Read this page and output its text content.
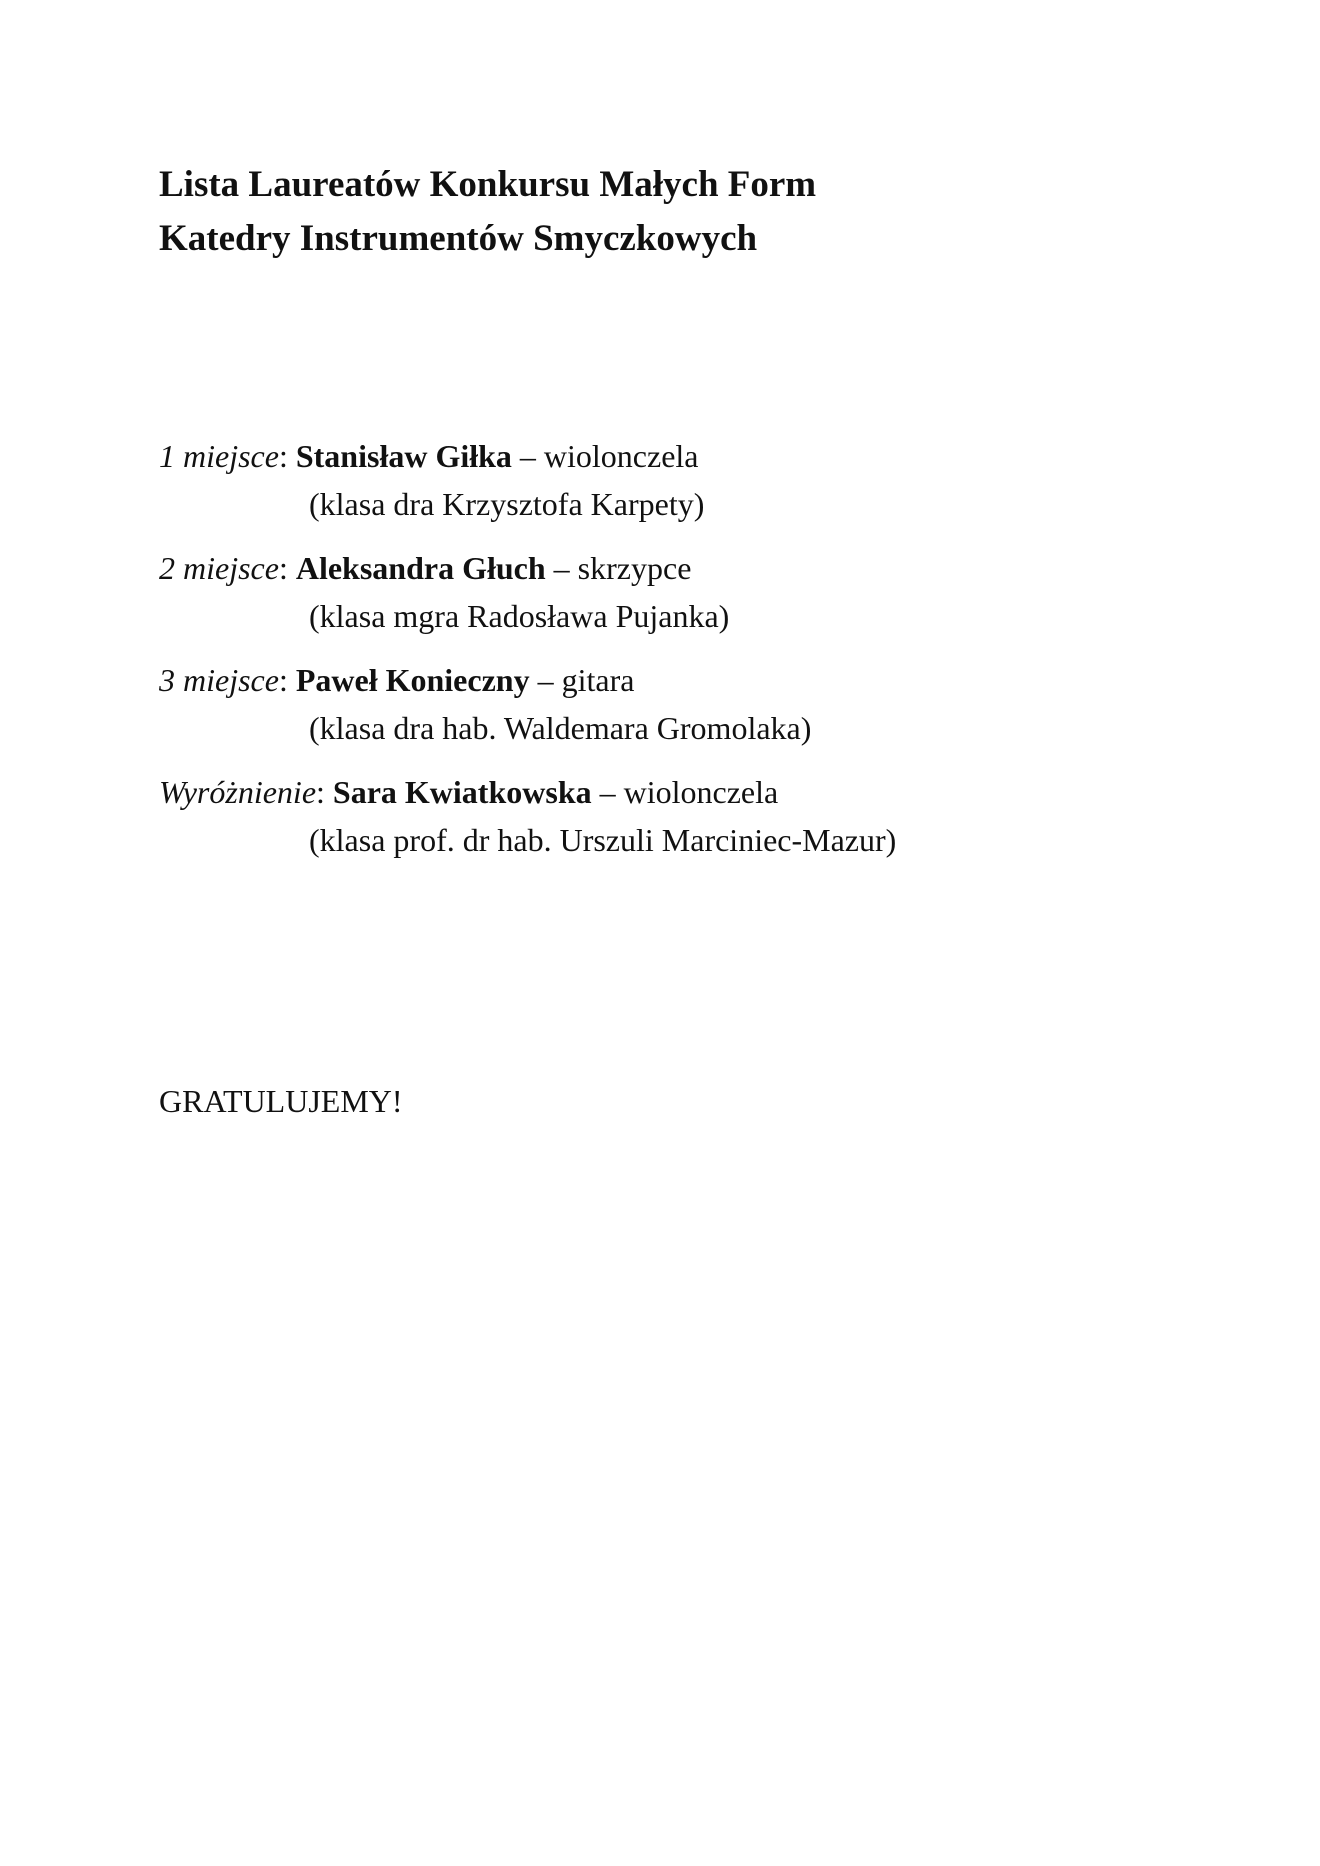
Lista Laureatów Konkursu Małych Form
Katedry Instrumentów Smyczkowych
1 miejsce: Stanisław Giłka – wiolonczela
(klasa dra Krzysztofa Karpety)
2 miejsce: Aleksandra Głuch – skrzypce
(klasa mgra Radosława Pujanka)
3 miejsce: Paweł Konieczny – gitara
(klasa dra hab. Waldemara Gromolaka)
Wyróżnienie: Sara Kwiatkowska – wiolonczela
(klasa prof. dr hab. Urszuli Marciniec-Mazur)
GRATULUJEMY!
